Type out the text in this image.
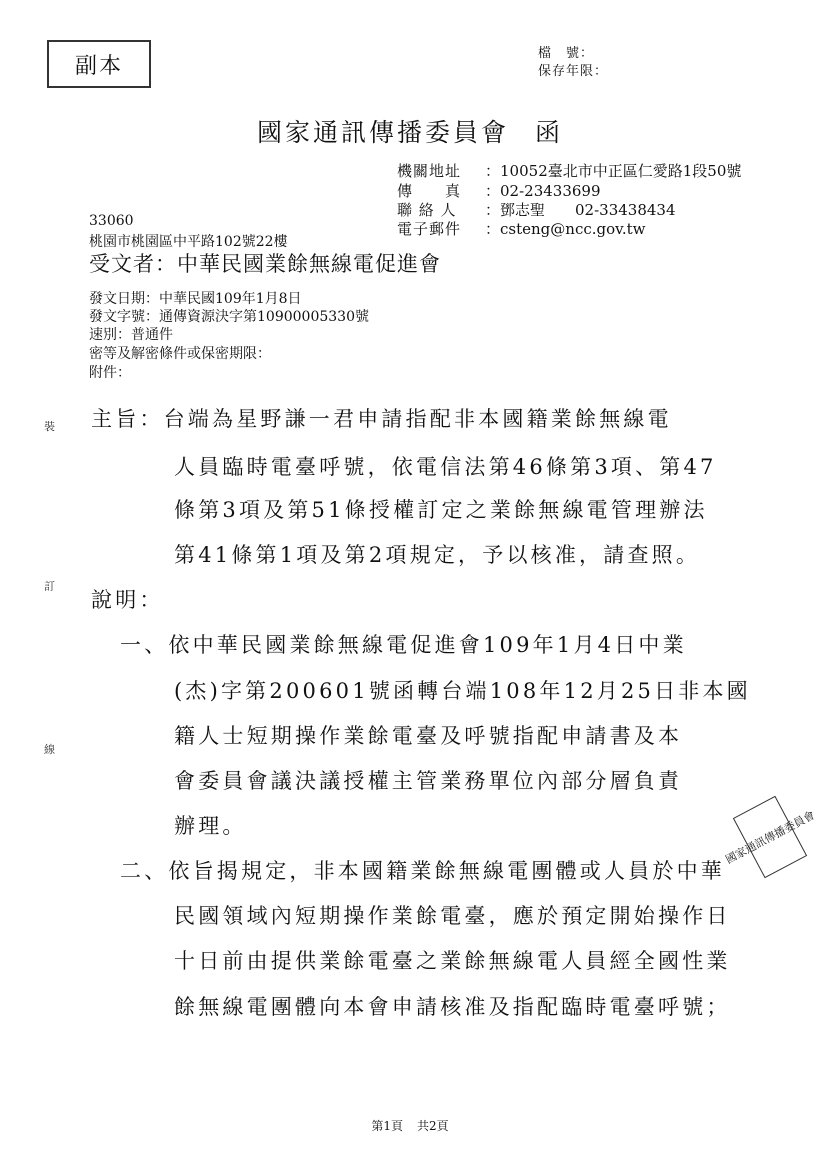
副本	檔　號：
保存年限：
國家通訊傳播委員會 函
機關地址 ：10052臺北市中正區仁愛路1段50號
傳　　真 ：02-23433699
聯 絡 人 ：鄧志聖　　02-33438434
電子郵件 ：csteng@ncc.gov.tw
33060
桃園市桃園區中平路102號22樓
受文者：中華民國業餘無線電促進會
發文日期：中華民國109年1月8日
發文字號：通傳資源決字第10900005330號
速別：普通件
密等及解密條件或保密期限：
附件：
主旨：台端為星野謙一君申請指配非本國籍業餘無線電
人員臨時電臺呼號，依電信法第46條第3項、第47
條第3項及第51條授權訂定之業餘無線電管理辦法
第41條第1項及第2項規定，予以核准，請查照。
說明：
一、依中華民國業餘無線電促進會109年1月4日中業
(杰)字第200601號函轉台端108年12月25日非本國
籍人士短期操作業餘電臺及呼號指配申請書及本
會委員會議決議授權主管業務單位內部分層負責
辦理。
二、依旨揭規定，非本國籍業餘無線電團體或人員於中華
民國領域內短期操作業餘電臺，應於預定開始操作日
十日前由提供業餘電臺之業餘無線電人員經全國性業
餘無線電團體向本會申請核准及指配臨時電臺呼號；
國家通訊傳播委員會
裝
訂
線
第1頁 共2頁
